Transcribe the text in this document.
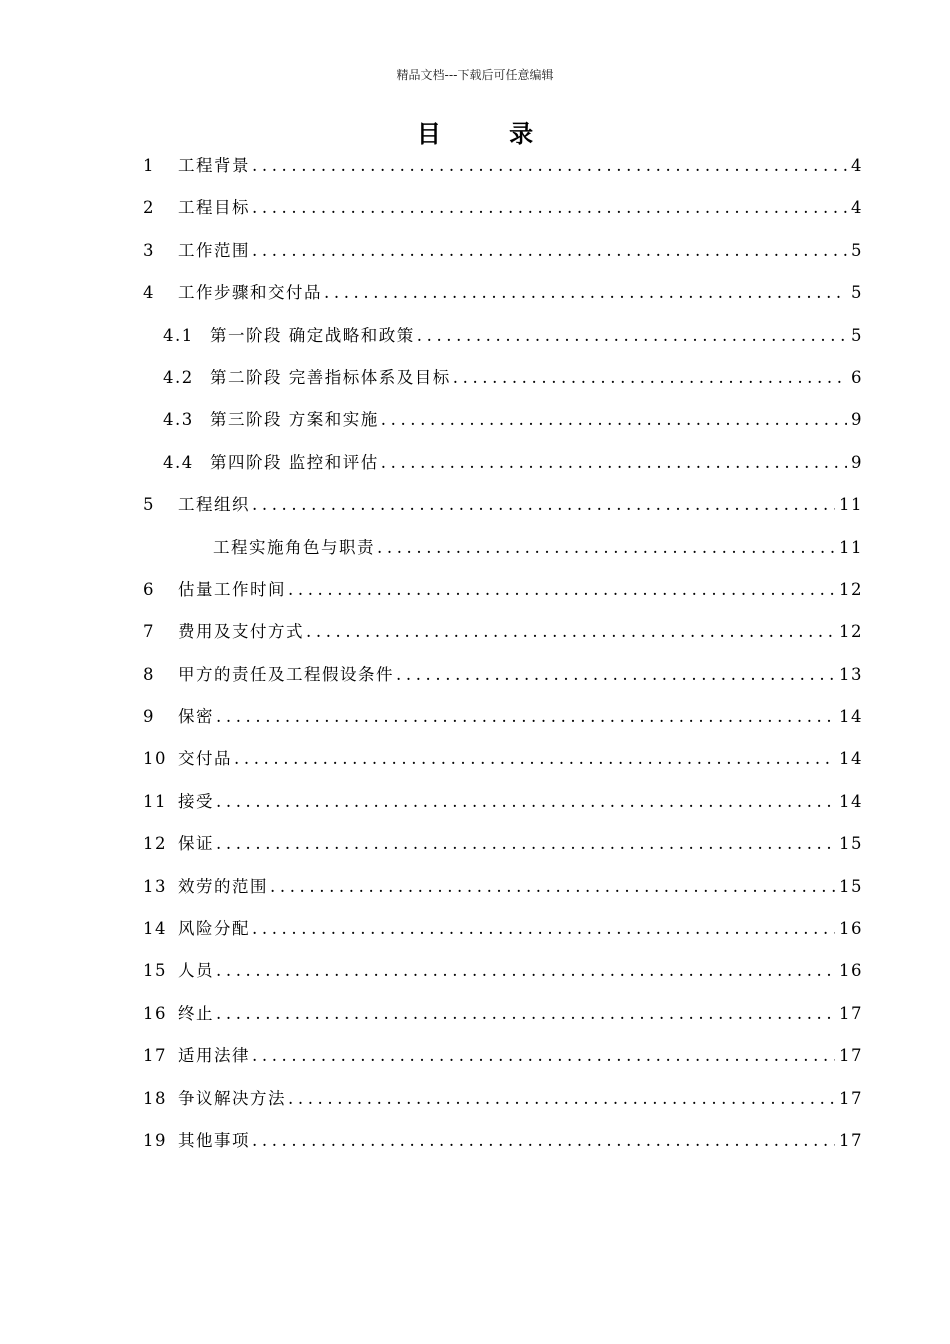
精品文档---下载后可任意编辑
目 录
1	工程背景 .....	4
2	工程目标 .....	4
3	工作范围 .....	5
4	工作步骤和交付品 .....	5
4.1 第一阶段 确定战略和政策 .....	5
4.2 第二阶段 完善指标体系及目标 .....	6
4.3 第三阶段 方案和实施 .....	9
4.4 第四阶段 监控和评估 .....	9
5	工程组织 .....	11
工程实施角色与职责 .....	11
6	估量工作时间 .....	12
7	费用及支付方式 .....	12
8	甲方的责任及工程假设条件 .....	13
9	保密 .....	14
10 交付品 .....	14
11 接受 .....	14
12 保证 .....	15
13 效劳的范围 .....	15
14 风险分配 .....	16
15 人员 .....	16
16 终止 .....	17
17 适用法律 .....	17
18 争议解决方法 .....	17
19 其他事项 .....	17
